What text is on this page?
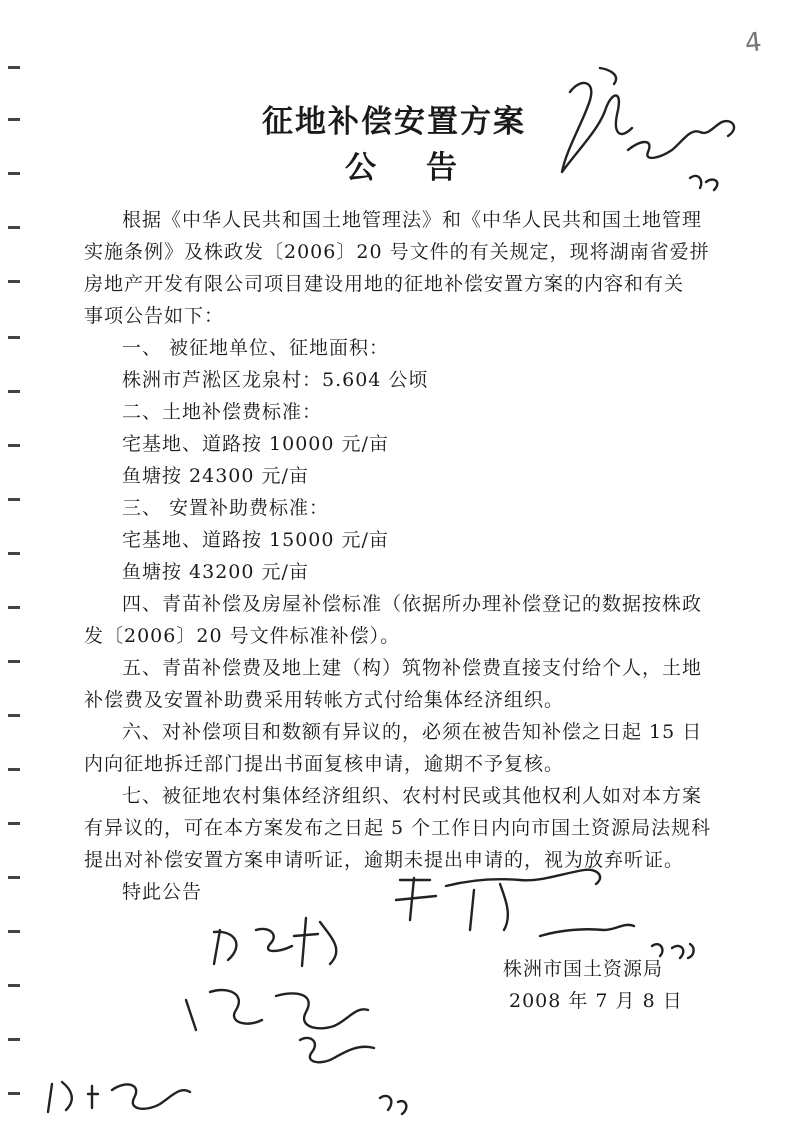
4
征地补偿安置方案
公 告

根据《中华人民共和国土地管理法》和《中华人民共和国土地管理

实施条例》及株政发〔2006〕20 号文件的有关规定，现将湖南省爱拼

房地产开发有限公司项目建设用地的征地补偿安置方案的内容和有关

事项公告如下：

一、 被征地单位、征地面积：

株洲市芦淞区龙泉村：5.604 公顷

二、土地补偿费标准：

宅基地、道路按 10000 元/亩

鱼塘按 24300 元/亩

三、 安置补助费标准：

宅基地、道路按 15000 元/亩

鱼塘按 43200 元/亩

四、青苗补偿及房屋补偿标准（依据所办理补偿登记的数据按株政

发〔2006〕20 号文件标准补偿）。

五、青苗补偿费及地上建（构）筑物补偿费直接支付给个人，土地

补偿费及安置补助费采用转帐方式付给集体经济组织。

六、对补偿项目和数额有异议的，必须在被告知补偿之日起 15 日

内向征地拆迁部门提出书面复核申请，逾期不予复核。

七、被征地农村集体经济组织、农村村民或其他权利人如对本方案

有异议的，可在本方案发布之日起 5 个工作日内向市国土资源局法规科

提出对补偿安置方案申请听证，逾期未提出申请的，视为放弃听证。

特此公告

株洲市国土资源局
2008 年 7 月 8 日
